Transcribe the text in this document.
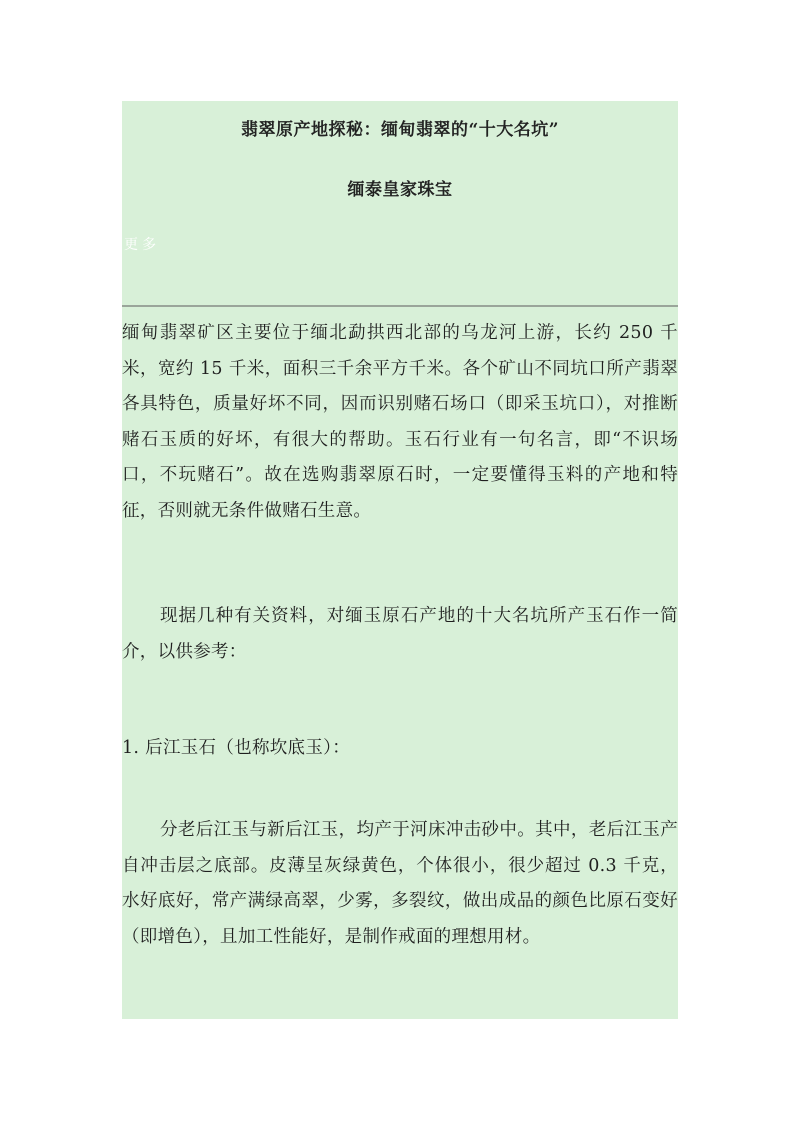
翡翠原产地探秘：缅甸翡翠的“十大名坑”
缅泰皇家珠宝
更多

缅甸翡翠矿区主要位于缅北勐拱西北部的乌龙河上游，长约 250 千米，宽约 15 千米，面积三千余平方千米。各个矿山不同坑口所产翡翠各具特色，质量好坏不同，因而识别赌石场口（即采玉坑口），对推断赌石玉质的好坏，有很大的帮助。玉石行业有一句名言，即“不识场口，不玩赌石”。故在选购翡翠原石时，一定要懂得玉料的产地和特征，否则就无条件做赌石生意。

现据几种有关资料，对缅玉原石产地的十大名坑所产玉石作一简介，以供参考：

1. 后江玉石（也称坎底玉）：

分老后江玉与新后江玉，均产于河床冲击砂中。其中，老后江玉产自冲击层之底部。皮薄呈灰绿黄色，个体很小，很少超过 0.3 千克，水好底好，常产满绿高翠，少雾，多裂纹，做出成品的颜色比原石变好（即增色），且加工性能好，是制作戒面的理想用材。
